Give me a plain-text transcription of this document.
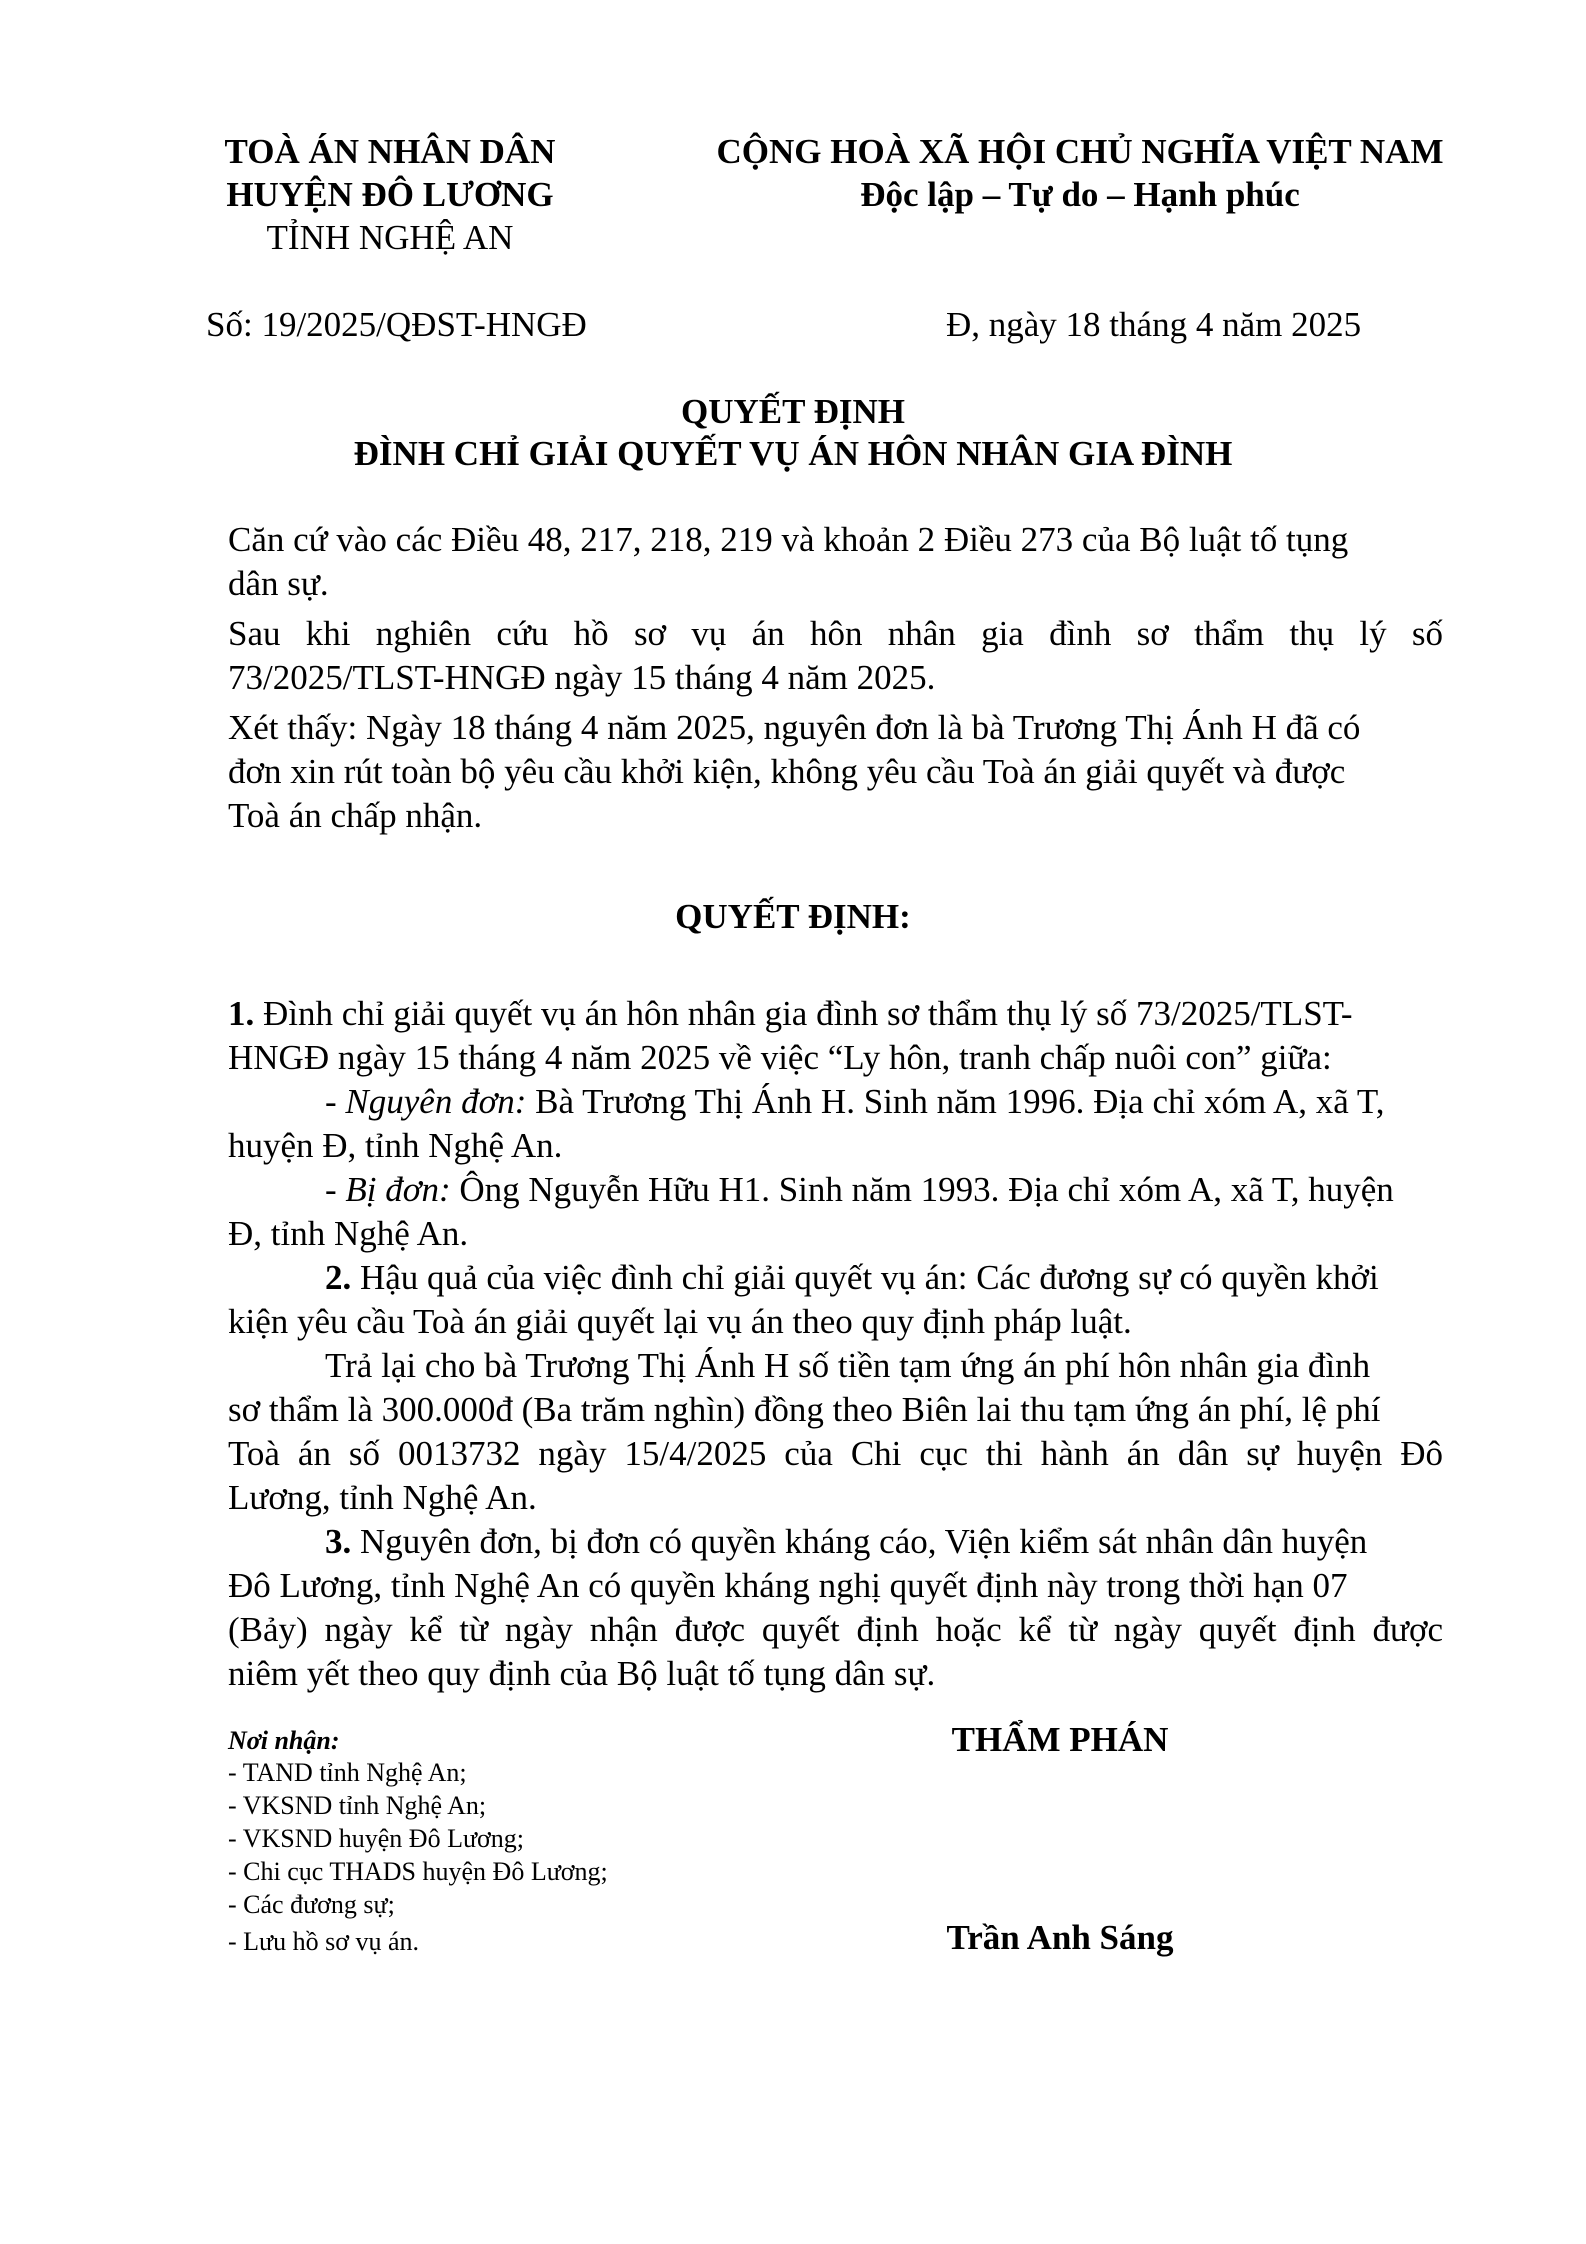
TOÀ ÁN NHÂN DÂN
HUYỆN ĐÔ LƯƠNG
TỈNH NGHỆ AN
CỘNG HOÀ XÃ HỘI CHỦ NGHĨA VIỆT NAM
Độc lập – Tự do – Hạnh phúc
Số: 19/2025/QĐST-HNGĐ	Đ, ngày 18 tháng 4 năm 2025
QUYẾT ĐỊNH
ĐÌNH CHỈ GIẢI QUYẾT VỤ ÁN HÔN NHÂN GIA ĐÌNH
Căn cứ vào các Điều 48, 217, 218, 219 và khoản 2 Điều 273 của Bộ luật tố tụng
dân sự.
Sau khi nghiên cứu hồ sơ vụ án hôn nhân gia đình sơ thẩm thụ lý số
73/2025/TLST-HNGĐ ngày 15 tháng 4 năm 2025.
Xét thấy: Ngày 18 tháng 4 năm 2025, nguyên đơn là bà Trương Thị Ánh H đã có
đơn xin rút toàn bộ yêu cầu khởi kiện, không yêu cầu Toà án giải quyết và được
Toà án chấp nhận.
QUYẾT ĐỊNH:
1. Đình chỉ giải quyết vụ án hôn nhân gia đình sơ thẩm thụ lý số 73/2025/TLST-
HNGĐ ngày 15 tháng 4 năm 2025 về việc “Ly hôn, tranh chấp nuôi con” giữa:
- Nguyên đơn: Bà Trương Thị Ánh H. Sinh năm 1996. Địa chỉ xóm A, xã T,
huyện Đ, tỉnh Nghệ An.
- Bị đơn: Ông Nguyễn Hữu H1. Sinh năm 1993. Địa chỉ xóm A, xã T, huyện
Đ, tỉnh Nghệ An.
2. Hậu quả của việc đình chỉ giải quyết vụ án: Các đương sự có quyền khởi
kiện yêu cầu Toà án giải quyết lại vụ án theo quy định pháp luật.
Trả lại cho bà Trương Thị Ánh H số tiền tạm ứng án phí hôn nhân gia đình
sơ thẩm là 300.000đ (Ba trăm nghìn) đồng theo Biên lai thu tạm ứng án phí, lệ phí
Toà án số 0013732 ngày 15/4/2025 của Chi cục thi hành án dân sự huyện Đô
Lương, tỉnh Nghệ An.
3. Nguyên đơn, bị đơn có quyền kháng cáo, Viện kiểm sát nhân dân huyện
Đô Lương, tỉnh Nghệ An có quyền kháng nghị quyết định này trong thời hạn 07
(Bảy) ngày kể từ ngày nhận được quyết định hoặc kể từ ngày quyết định được
niêm yết theo quy định của Bộ luật tố tụng dân sự.
Nơi nhận:
- TAND tỉnh Nghệ An;
- VKSND tỉnh Nghệ An;
- VKSND huyện Đô Lương;
- Chi cục THADS huyện Đô Lương;
- Các đương sự;
- Lưu hồ sơ vụ án.
THẨM PHÁN
Trần Anh Sáng
